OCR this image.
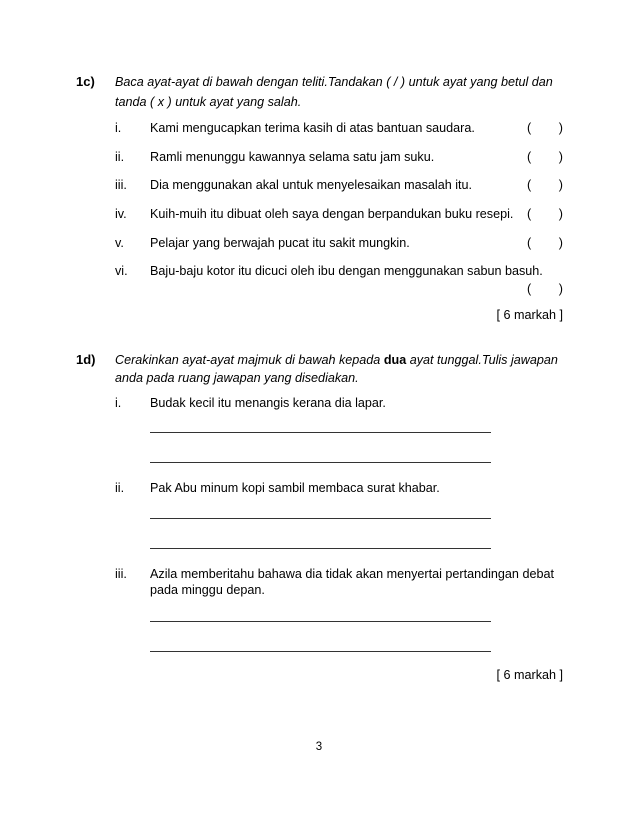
1c) Baca ayat-ayat di bawah dengan teliti.Tandakan ( / ) untuk ayat yang betul dan
tanda ( x ) untuk ayat yang salah.
i. Kami mengucapkan terima kasih di atas bantuan saudara.	( )
ii. Ramli menunggu kawannya selama satu jam suku.	( )
iii. Dia menggunakan akal untuk menyelesaikan masalah itu.	( )
iv. Kuih-muih itu dibuat oleh saya dengan berpandukan buku resepi. ( )
v. Pelajar yang berwajah pucat itu sakit mungkin.	( )
vi. Baju-baju kotor itu dicuci oleh ibu dengan menggunakan sabun basuh.
( )
[ 6 markah ]
1d) Cerakinkan ayat-ayat majmuk di bawah kepada dua ayat tunggal.Tulis jawapan
anda pada ruang jawapan yang disediakan.
i. Budak kecil itu menangis kerana dia lapar.
ii. Pak Abu minum kopi sambil membaca surat khabar.
iii. Azila memberitahu bahawa dia tidak akan menyertai pertandingan debat
pada minggu depan.
[ 6 markah ]
3
